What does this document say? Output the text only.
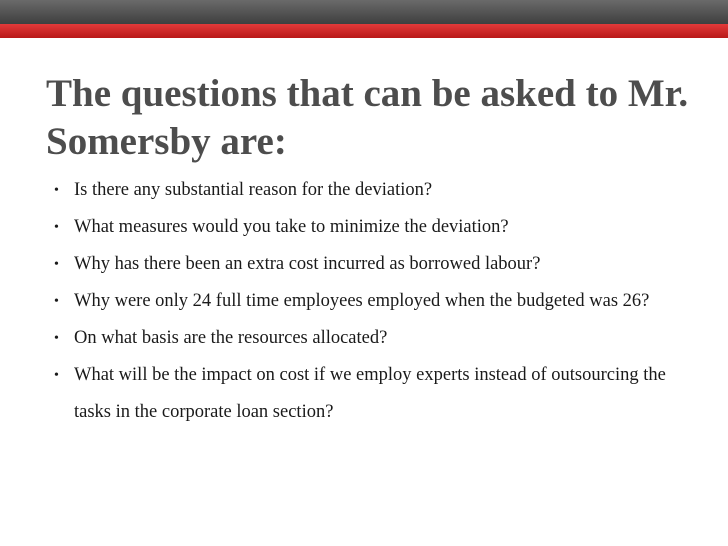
The questions that can be asked to Mr.
Somersby are:
• Is there any substantial reason for the deviation?
• What measures would you take to minimize the deviation?
• Why has there been an extra cost incurred as borrowed labour?
• Why were only 24 full time employees employed when the budgeted was 26?
• On what basis are the resources allocated?
• What will be the impact on cost if we employ experts instead of outsourcing the tasks in the corporate loan section?
